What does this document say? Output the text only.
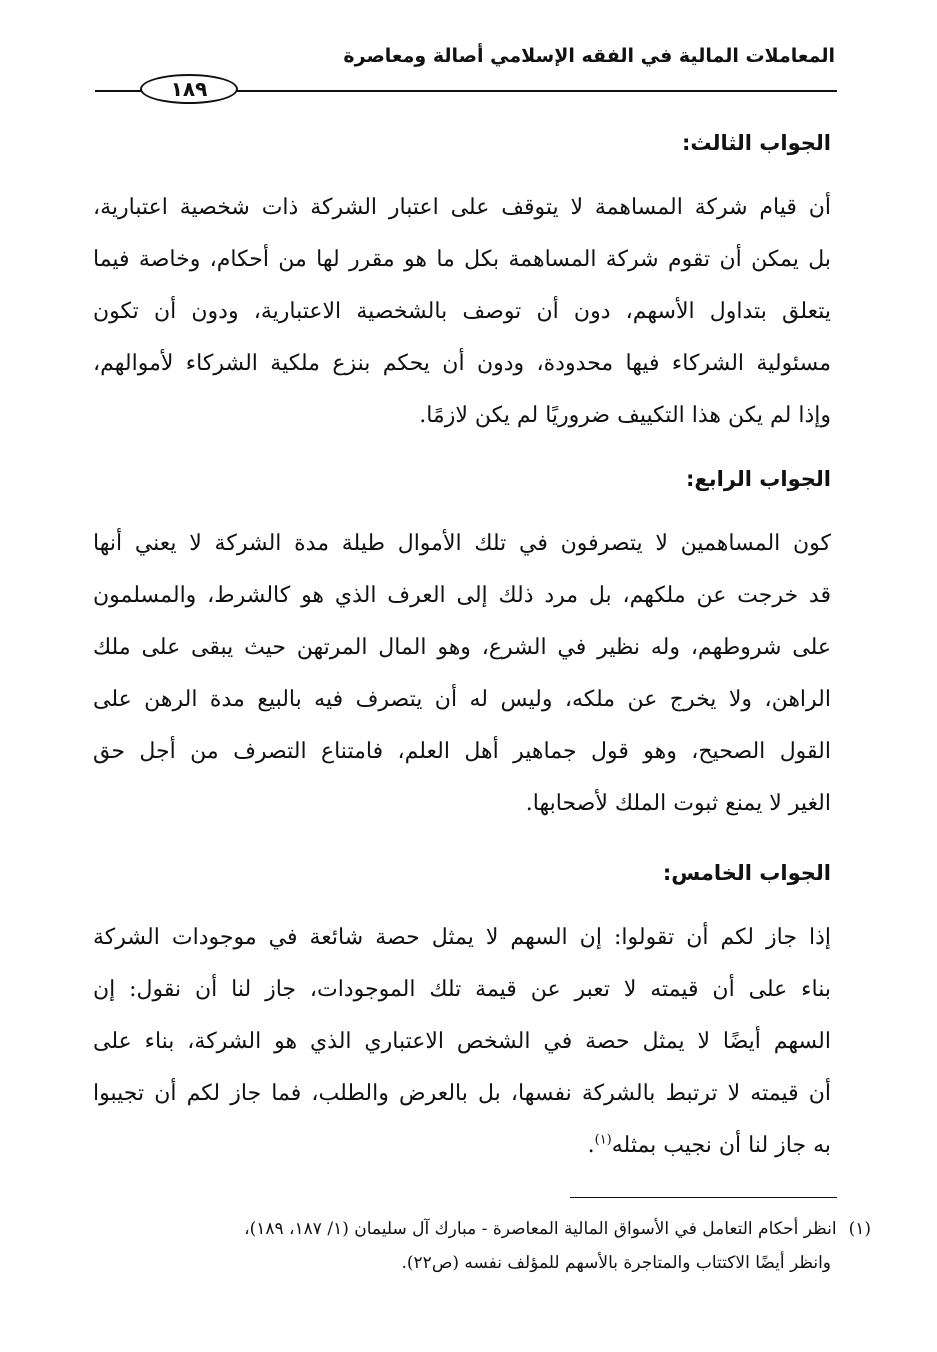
المعاملات المالية في الفقه الإسلامي أصالة ومعاصرة
١٨٩
الجواب الثالث:
أن قيام شركة المساهمة لا يتوقف على اعتبار الشركة ذات شخصية اعتبارية،
بل يمكن أن تقوم شركة المساهمة بكل ما هو مقرر لها من أحكام، وخاصة فيما
يتعلق بتداول الأسهم، دون أن توصف بالشخصية الاعتبارية، ودون أن تكون
مسئولية الشركاء فيها محدودة، ودون أن يحكم بنزع ملكية الشركاء لأموالهم،
وإذا لم يكن هذا التكييف ضروريًا لم يكن لازمًا.
الجواب الرابع:
كون المساهمين لا يتصرفون في تلك الأموال طيلة مدة الشركة لا يعني أنها
قد خرجت عن ملكهم، بل مرد ذلك إلى العرف الذي هو كالشرط، والمسلمون
على شروطهم، وله نظير في الشرع، وهو المال المرتهن حيث يبقى على ملك
الراهن، ولا يخرج عن ملكه، وليس له أن يتصرف فيه بالبيع مدة الرهن على
القول الصحيح، وهو قول جماهير أهل العلم، فامتناع التصرف من أجل حق
الغير لا يمنع ثبوت الملك لأصحابها.
الجواب الخامس:
إذا جاز لكم أن تقولوا: إن السهم لا يمثل حصة شائعة في موجودات الشركة
بناء على أن قيمته لا تعبر عن قيمة تلك الموجودات، جاز لنا أن نقول: إن
السهم أيضًا لا يمثل حصة في الشخص الاعتباري الذي هو الشركة، بناء على
أن قيمته لا ترتبط بالشركة نفسها، بل بالعرض والطلب، فما جاز لكم أن تجيبوا
به جاز لنا أن نجيب بمثله$^{(١)}$.
(١)انظر أحكام التعامل في الأسواق المالية المعاصرة - مبارك آل سليمان (١/ ١٨٧، ١٨٩)،
وانظر أيضًا الاكتتاب والمتاجرة بالأسهم للمؤلف نفسه (ص٢٢).
